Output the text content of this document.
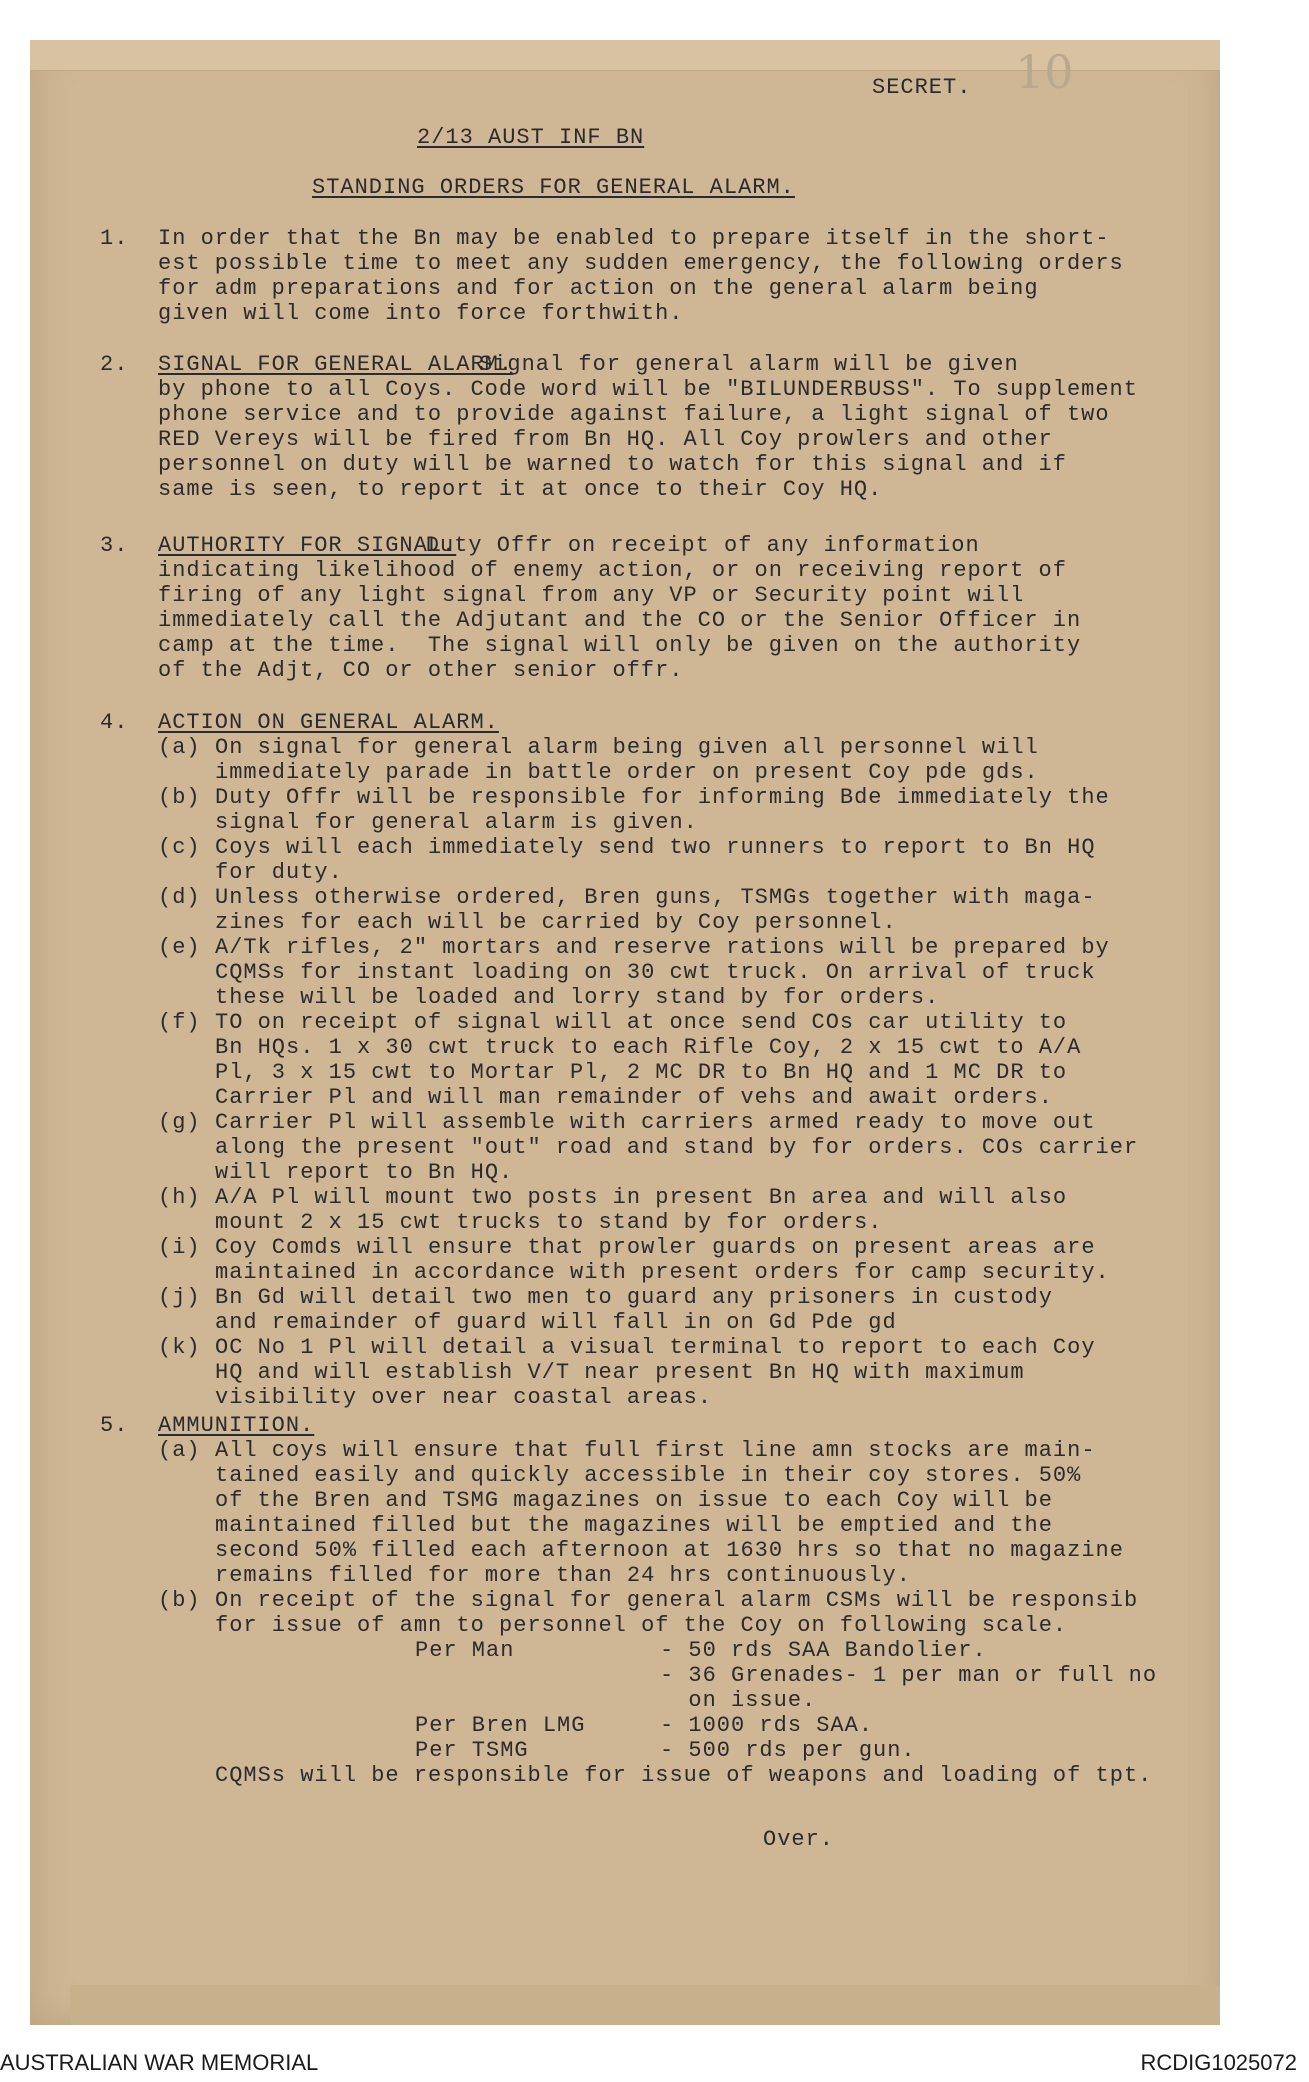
SECRET. 10
2/13 AUST INF BN
STANDING ORDERS FOR GENERAL ALARM.
1. In order that the Bn may be enabled to prepare itself in the short-
est possible time to meet any sudden emergency, the following orders
for adm preparations and for action on the general alarm being
given will come into force forthwith.
2. SIGNAL FOR GENERAL ALARM.
Signal for general alarm will be given
by phone to all Coys. Code word will be "BILUNDERBUSS". To supplement
phone service and to provide against failure, a light signal of two
RED Vereys will be fired from Bn HQ. All Coy prowlers and other
personnel on duty will be warned to watch for this signal and if
same is seen, to report it at once to their Coy HQ.
3. AUTHORITY FOR SIGNAL.
Duty Offr on receipt of any information
indicating likelihood of enemy action, or on receiving report of
firing of any light signal from any VP or Security point will
immediately call the Adjutant and the CO or the Senior Officer in
camp at the time.  The signal will only be given on the authority
of the Adjt, CO or other senior offr.
4. ACTION ON GENERAL ALARM.
(a) On signal for general alarm being given all personnel will
immediately parade in battle order on present Coy pde gds.
(b) Duty Offr will be responsible for informing Bde immediately the
signal for general alarm is given.
(c) Coys will each immediately send two runners to report to Bn HQ
for duty.
(d) Unless otherwise ordered, Bren guns, TSMGs together with maga-
zines for each will be carried by Coy personnel.
(e) A/Tk rifles, 2" mortars and reserve rations will be prepared by
CQMSs for instant loading on 30 cwt truck. On arrival of truck
these will be loaded and lorry stand by for orders.
(f) TO on receipt of signal will at once send COs car utility to
Bn HQs. 1 x 30 cwt truck to each Rifle Coy, 2 x 15 cwt to A/A
Pl, 3 x 15 cwt to Mortar Pl, 2 MC DR to Bn HQ and 1 MC DR to
Carrier Pl and will man remainder of vehs and await orders.
(g) Carrier Pl will assemble with carriers armed ready to move out
along the present "out" road and stand by for orders. COs carrier
will report to Bn HQ.
(h) A/A Pl will mount two posts in present Bn area and will also
mount 2 x 15 cwt trucks to stand by for orders.
(i) Coy Comds will ensure that prowler guards on present areas are
maintained in accordance with present orders for camp security.
(j) Bn Gd will detail two men to guard any prisoners in custody
and remainder of guard will fall in on Gd Pde gd
(k) OC No 1 Pl will detail a visual terminal to report to each Coy
HQ and will establish V/T near present Bn HQ with maximum
visibility over near coastal areas.
5. AMMUNITION.
(a) All coys will ensure that full first line amn stocks are main-
tained easily and quickly accessible in their coy stores. 50%
of the Bren and TSMG magazines on issue to each Coy will be
maintained filled but the magazines will be emptied and the
second 50% filled each afternoon at 1630 hrs so that no magazine
remains filled for more than 24 hrs continuously.
(b) On receipt of the signal for general alarm CSMs will be responsib
for issue of amn to personnel of the Coy on following scale.
Per Man	- 50 rds SAA Bandolier.
- 36 Grenades- 1 per man or full no
on issue.
Per Bren LMG	- 1000 rds SAA.
Per TSMG	- 500 rds per gun.
CQMSs will be responsible for issue of weapons and loading of tpt.
Over.
AUSTRALIAN WAR MEMORIAL	RCDIG1025072
